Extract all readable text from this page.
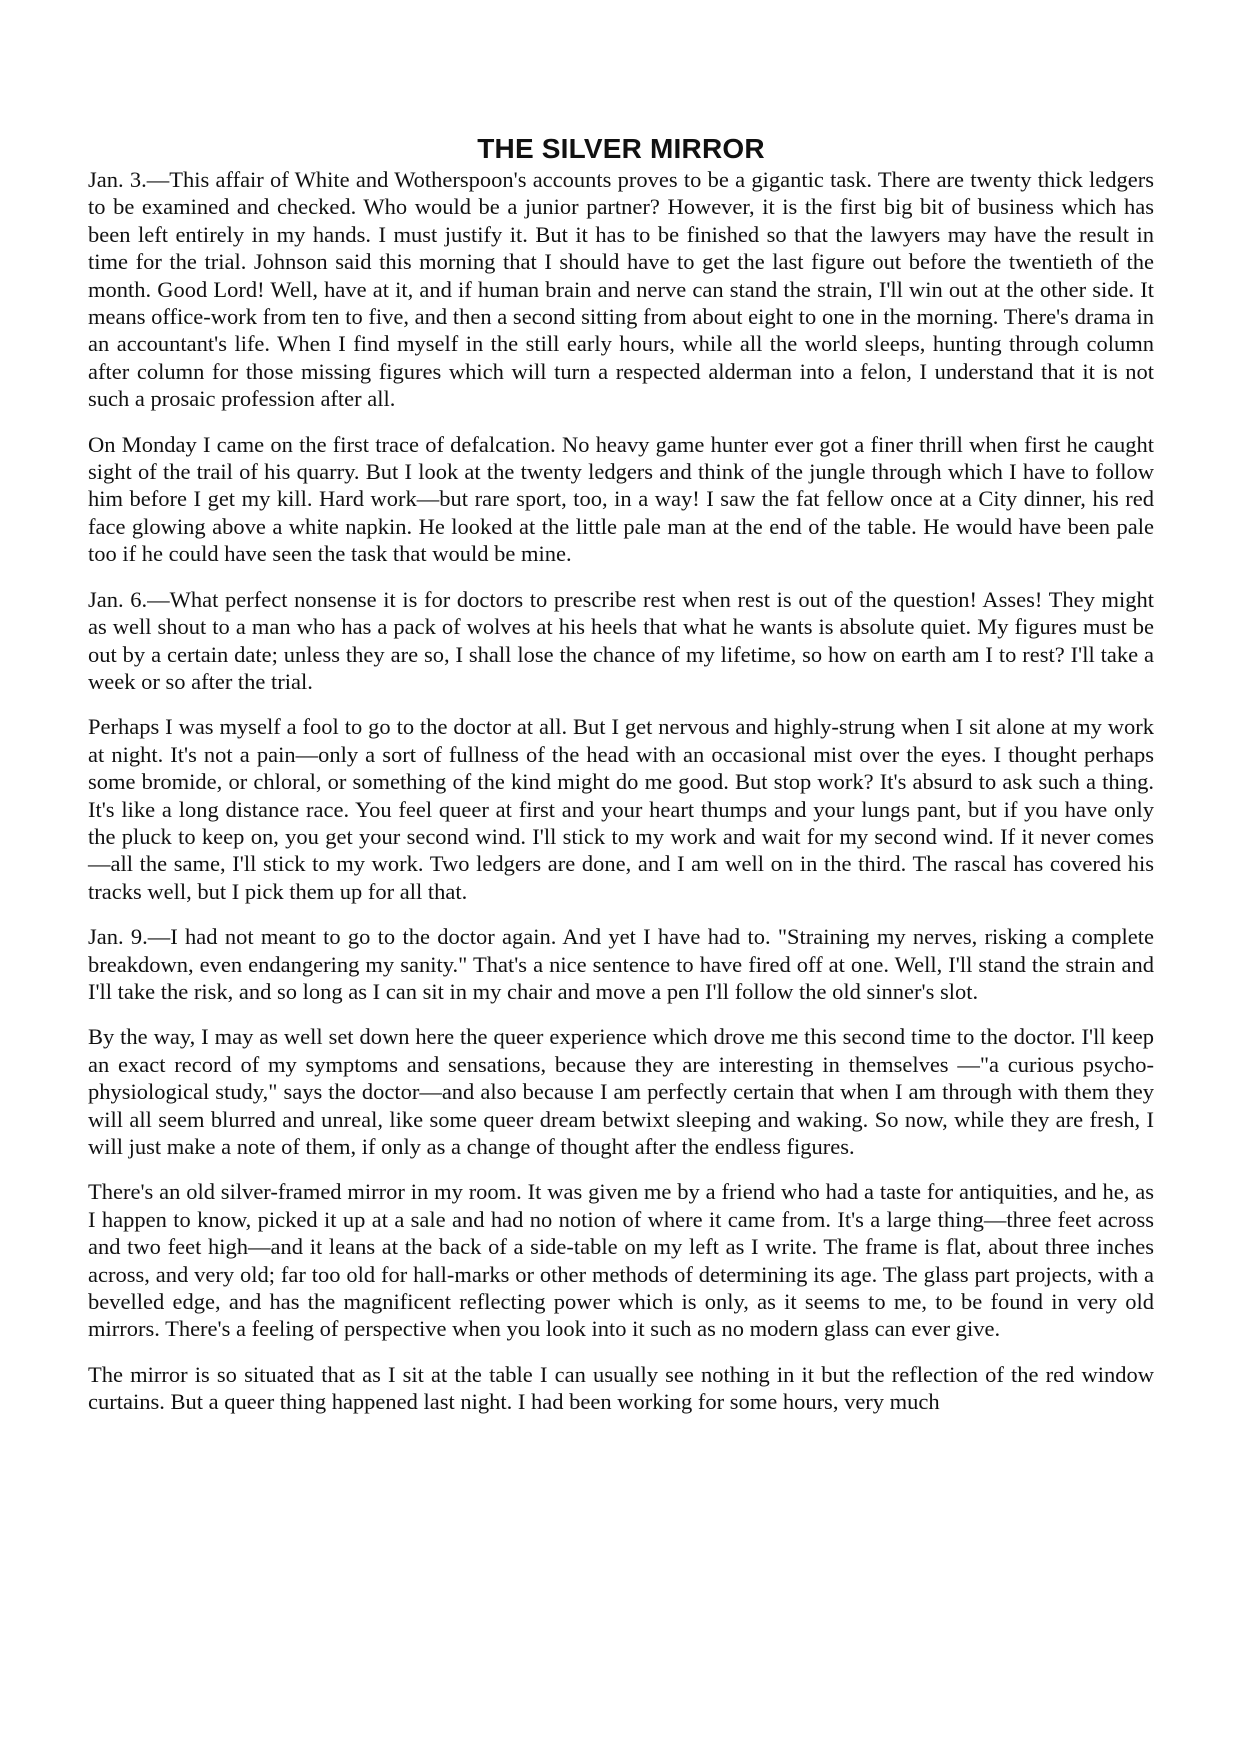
THE SILVER MIRROR

Jan. 3.—This affair of White and Wotherspoon's accounts proves to be a gigantic task. There are twenty thick ledgers to be examined and checked. Who would be a junior partner? However, it is the first big bit of business which has been left entirely in my hands. I must justify it. But it has to be finished so that the lawyers may have the result in time for the trial. Johnson said this morning that I should have to get the last figure out before the twentieth of the month. Good Lord! Well, have at it, and if human brain and nerve can stand the strain, I'll win out at the other side. It means office-work from ten to five, and then a second sitting from about eight to one in the morning. There's drama in an accountant's life. When I find myself in the still early hours, while all the world sleeps, hunting through column after column for those missing figures which will turn a respected alderman into a felon, I understand that it is not such a prosaic profession after all.

On Monday I came on the first trace of defalcation. No heavy game hunter ever got a finer thrill when first he caught sight of the trail of his quarry. But I look at the twenty ledgers and think of the jungle through which I have to follow him before I get my kill. Hard work—but rare sport, too, in a way! I saw the fat fellow once at a City dinner, his red face glowing above a white napkin. He looked at the little pale man at the end of the table. He would have been pale too if he could have seen the task that would be mine.

Jan. 6.—What perfect nonsense it is for doctors to prescribe rest when rest is out of the question! Asses! They might as well shout to a man who has a pack of wolves at his heels that what he wants is absolute quiet. My figures must be out by a certain date; unless they are so, I shall lose the chance of my lifetime, so how on earth am I to rest? I'll take a week or so after the trial.

Perhaps I was myself a fool to go to the doctor at all. But I get nervous and highly-strung when I sit alone at my work at night. It's not a pain—only a sort of fullness of the head with an occasional mist over the eyes. I thought perhaps some bromide, or chloral, or something of the kind might do me good. But stop work? It's absurd to ask such a thing. It's like a long distance race. You feel queer at first and your heart thumps and your lungs pant, but if you have only the pluck to keep on, you get your second wind. I'll stick to my work and wait for my second wind. If it never comes—all the same, I'll stick to my work. Two ledgers are done, and I am well on in the third. The rascal has covered his tracks well, but I pick them up for all that.

Jan. 9.—I had not meant to go to the doctor again. And yet I have had to. "Straining my nerves, risking a complete breakdown, even endangering my sanity." That's a nice sentence to have fired off at one. Well, I'll stand the strain and I'll take the risk, and so long as I can sit in my chair and move a pen I'll follow the old sinner's slot.

By the way, I may as well set down here the queer experience which drove me this second time to the doctor. I'll keep an exact record of my symptoms and sensations, because they are interesting in themselves —"a curious psycho-physiological study," says the doctor—and also because I am perfectly certain that when I am through with them they will all seem blurred and unreal, like some queer dream betwixt sleeping and waking. So now, while they are fresh, I will just make a note of them, if only as a change of thought after the endless figures.

There's an old silver-framed mirror in my room. It was given me by a friend who had a taste for antiquities, and he, as I happen to know, picked it up at a sale and had no notion of where it came from. It's a large thing—three feet across and two feet high—and it leans at the back of a side-table on my left as I write. The frame is flat, about three inches across, and very old; far too old for hall-marks or other methods of determining its age. The glass part projects, with a bevelled edge, and has the magnificent reflecting power which is only, as it seems to me, to be found in very old mirrors. There's a feeling of perspective when you look into it such as no modern glass can ever give.

The mirror is so situated that as I sit at the table I can usually see nothing in it but the reflection of the red window curtains. But a queer thing happened last night. I had been working for some hours, very much
